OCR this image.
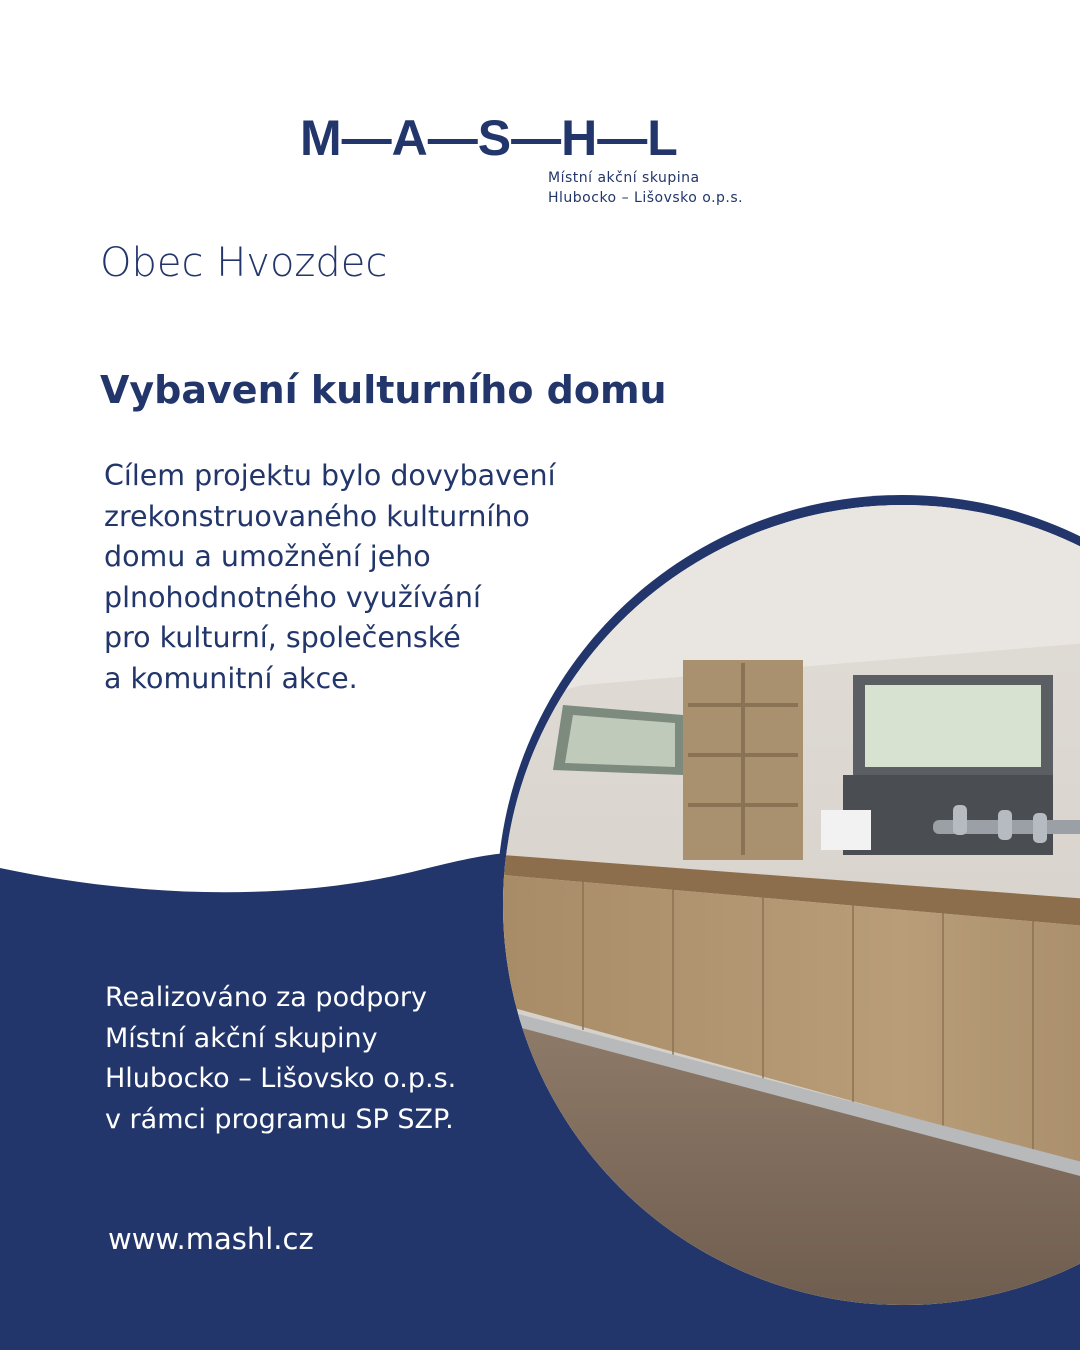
M—A—S—H—L
Místní akční skupina
Hlubocko – Lišovsko o.p.s.
Obec Hvozdec
Vybavení kulturního domu
Cílem projektu bylo dovybavení
zrekonstruovaného kulturního
domu a umožnění jeho
plnohodnotného využívání
pro kulturní, společenské
a komunitní akce.
Realizováno za podpory
Místní akční skupiny
Hlubocko – Lišovsko o.p.s.
v rámci programu SP SZP.
www.mashl.cz
